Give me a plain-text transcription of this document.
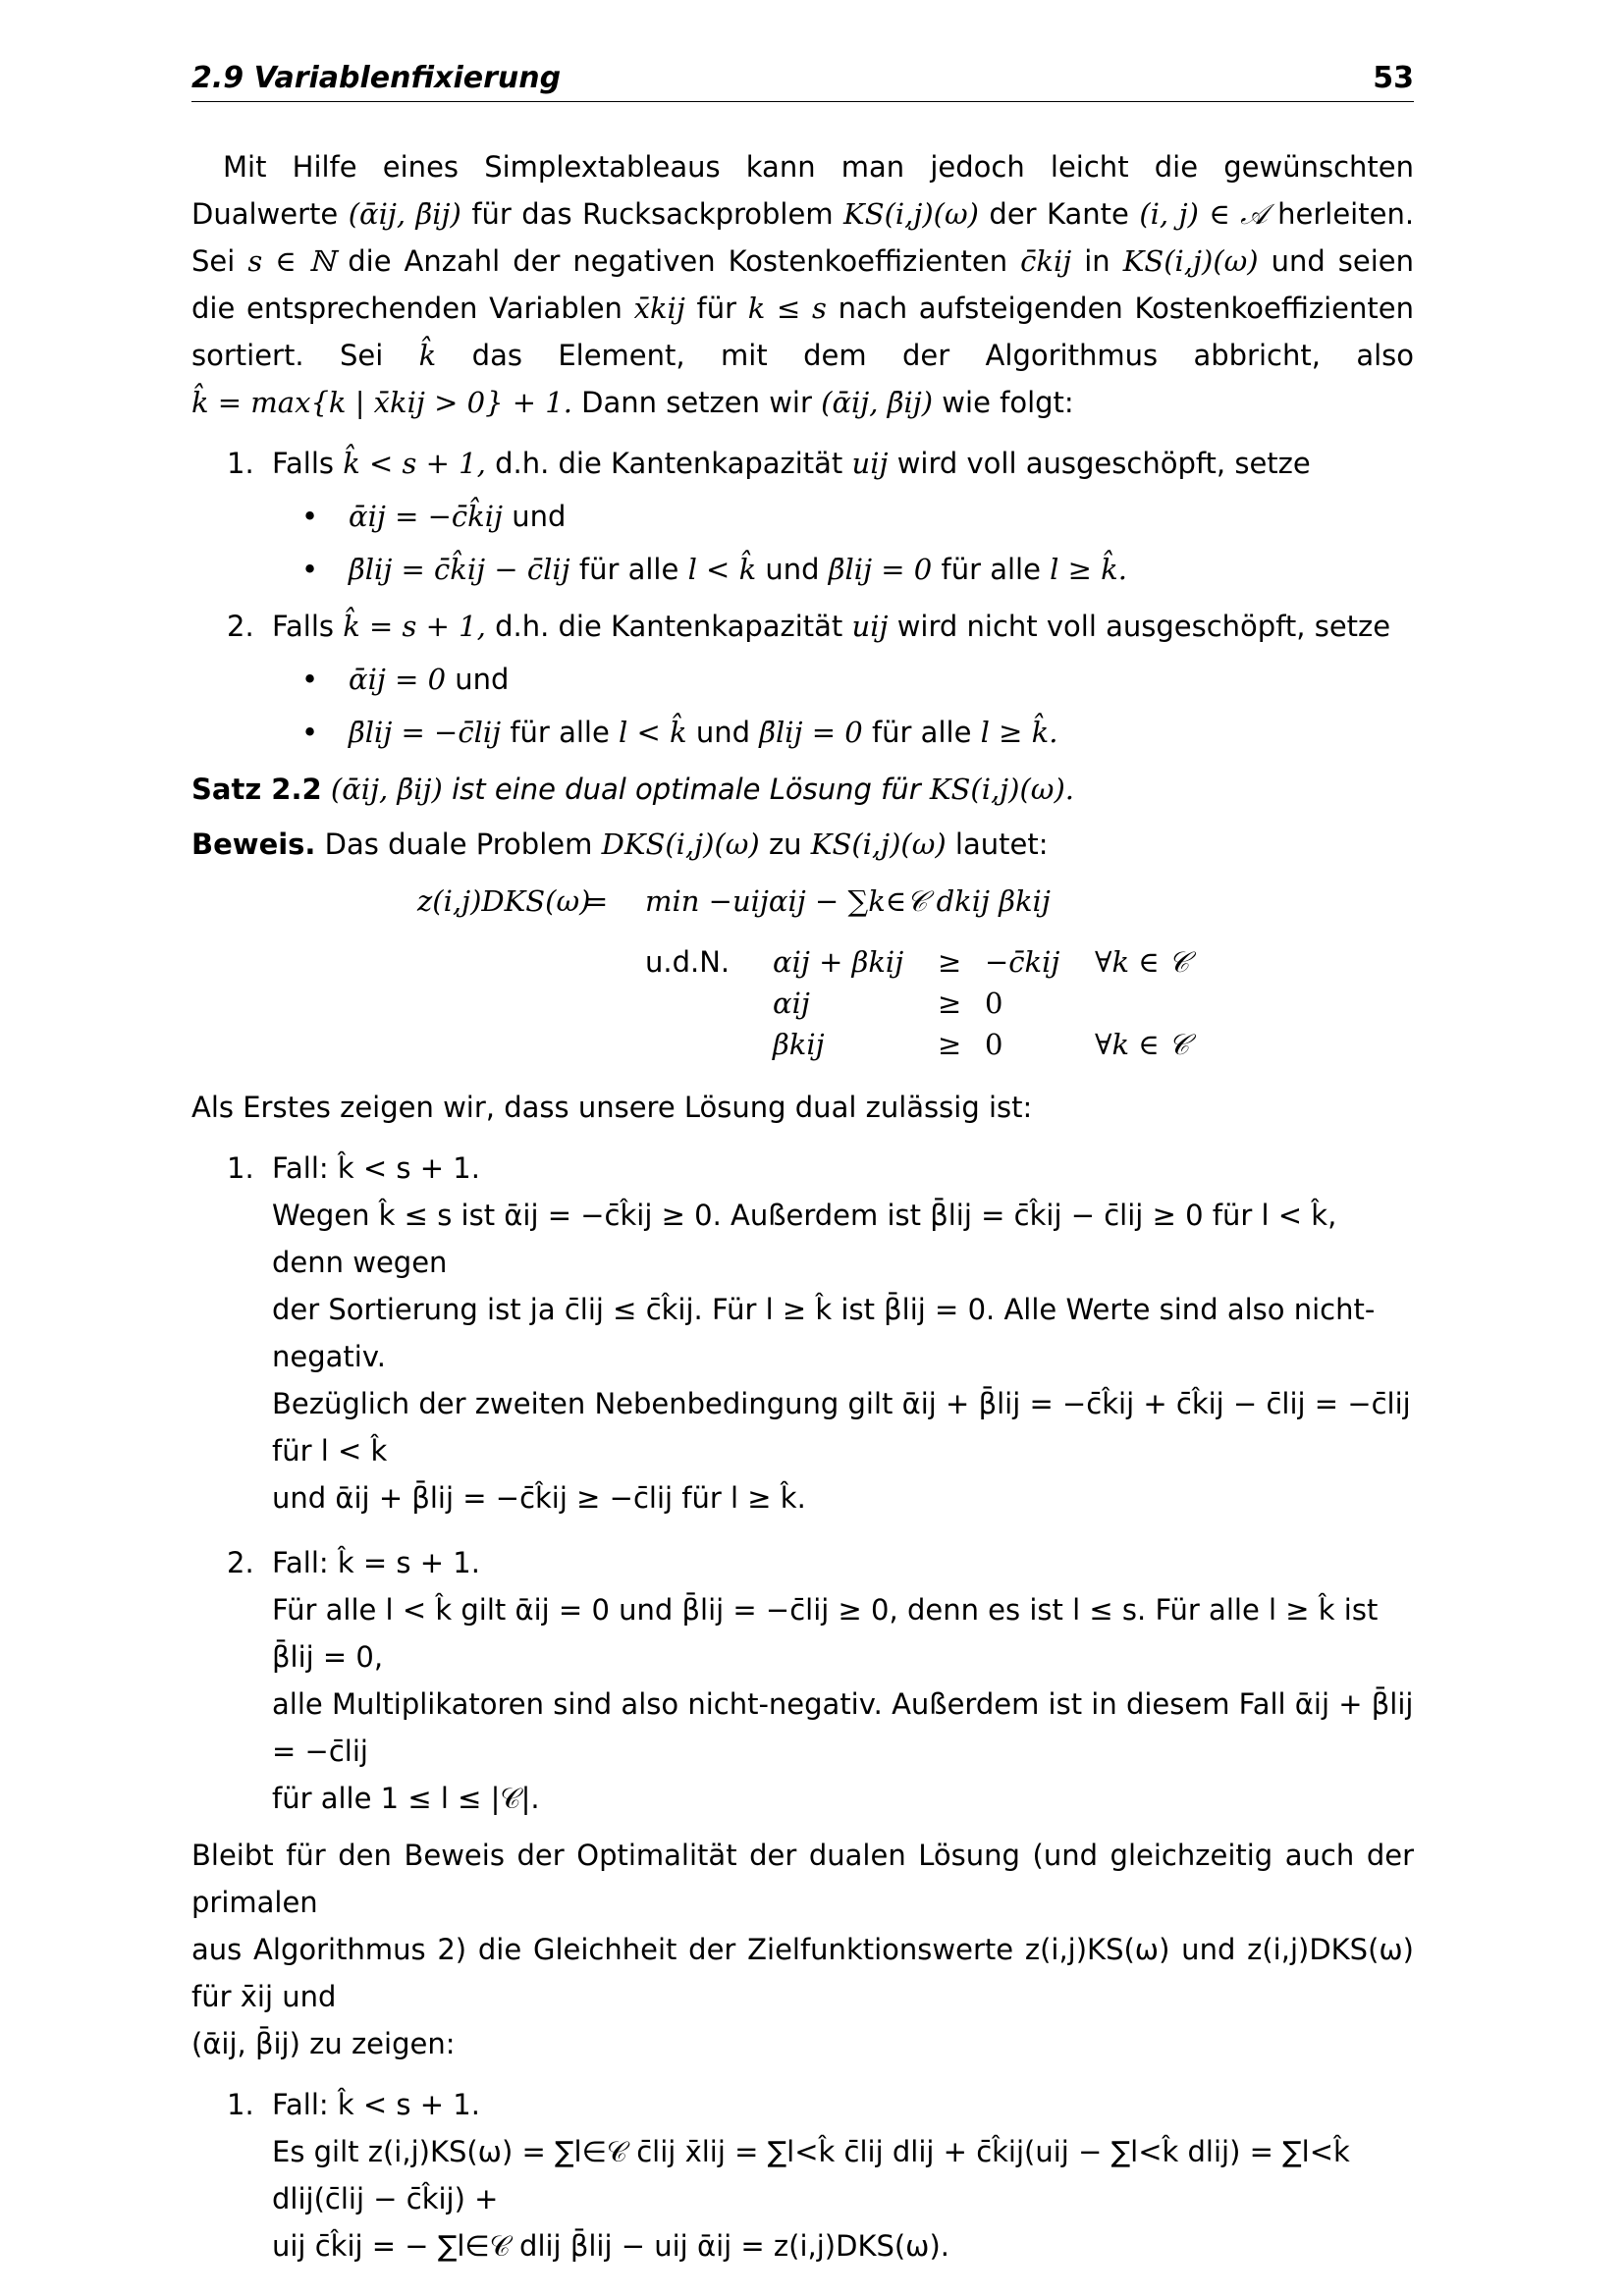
2.9 Variablenfixierung	53

Mit Hilfe eines Simplextableaus kann man jedoch leicht die gewünschten Dualwerte (ᾱij, β̄ij) für das Rucksackproblem KS(i,j)(ω) der Kante (i, j) ∈ 𝒜 herleiten. Sei s ∈ ℕ die Anzahl der negativen Kostenkoeffizienten c̄kij in KS(i,j)(ω) und seien die entsprechenden Variablen x̄kij für k ≤ s nach aufsteigenden Kostenkoeffizienten sortiert. Sei k̂ das Element, mit dem der Algorithmus abbricht, also k̂ = max{k | x̄kij > 0} + 1. Dann setzen wir (ᾱij, β̄ij) wie folgt:

1. Falls k̂ < s + 1, d.h. die Kantenkapazität uij wird voll ausgeschöpft, setze
• ᾱij = −c̄k̂ij und
• β̄lij = c̄k̂ij − c̄lij für alle l < k̂ und β̄lij = 0 für alle l ≥ k̂.
2. Falls k̂ = s + 1, d.h. die Kantenkapazität uij wird nicht voll ausgeschöpft, setze
• ᾱij = 0 und
• β̄lij = −c̄lij für alle l < k̂ und β̄lij = 0 für alle l ≥ k̂.

Satz 2.2 (ᾱij, β̄ij) ist eine dual optimale Lösung für KS(i,j)(ω).

Beweis. Das duale Problem DKS(i,j)(ω) zu KS(i,j)(ω) lautet:

z(i,j)DKS(ω)
= min −uijαij − ∑k∈𝒞 dkij βkij
u.d.N. αij + βkij ≥ −c̄kij ∀k ∈ 𝒞
αij	≥ 0
βkij	≥ 0	∀k ∈ 𝒞

Als Erstes zeigen wir, dass unsere Lösung dual zulässig ist:

1. Fall: k̂ < s + 1.
Wegen k̂ ≤ s ist ᾱij = −c̄k̂ij ≥ 0. Außerdem ist β̄lij = c̄k̂ij − c̄lij ≥ 0 für l < k̂, denn wegen
der Sortierung ist ja c̄lij ≤ c̄k̂ij. Für l ≥ k̂ ist β̄lij = 0. Alle Werte sind also nicht-negativ.
Bezüglich der zweiten Nebenbedingung gilt ᾱij + β̄lij = −c̄k̂ij + c̄k̂ij − c̄lij = −c̄lij für l < k̂
und ᾱij + β̄lij = −c̄k̂ij ≥ −c̄lij für l ≥ k̂.
2. Fall: k̂ = s + 1.
Für alle l < k̂ gilt ᾱij = 0 und β̄lij = −c̄lij ≥ 0, denn es ist l ≤ s. Für alle l ≥ k̂ ist β̄lij = 0,
alle Multiplikatoren sind also nicht-negativ. Außerdem ist in diesem Fall ᾱij + β̄lij = −c̄lij
für alle 1 ≤ l ≤ |𝒞|.

Bleibt für den Beweis der Optimalität der dualen Lösung (und gleichzeitig auch der primalen
aus Algorithmus 2) die Gleichheit der Zielfunktionswerte z(i,j)KS(ω) und z(i,j)DKS(ω) für x̄ij und
(ᾱij, β̄ij) zu zeigen:

1. Fall: k̂ < s + 1.
Es gilt z(i,j)KS(ω) = ∑l∈𝒞 c̄lij x̄lij = ∑l<k̂ c̄lij dlij + c̄k̂ij(uij − ∑l<k̂ dlij) = ∑l<k̂ dlij(c̄lij − c̄k̂ij) +
uij c̄k̂ij = − ∑l∈𝒞 dlij β̄lij − uij ᾱij = z(i,j)DKS(ω).
